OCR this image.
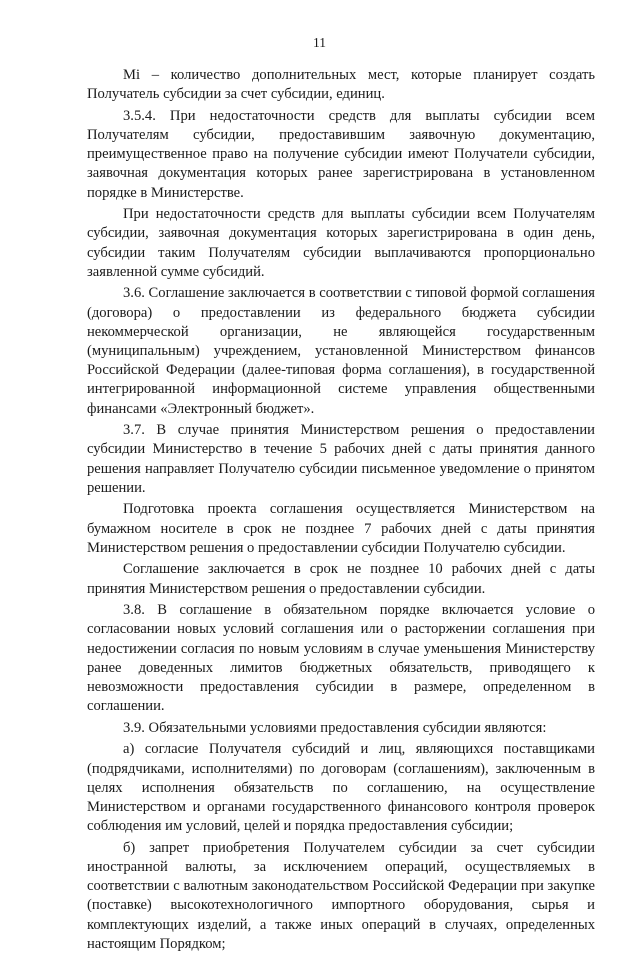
11

Mi – количество дополнительных мест, которые планирует создать Получатель субсидии за счет субсидии, единиц.

3.5.4. При недостаточности средств для выплаты субсидии всем Получателям субсидии, предоставившим заявочную документацию, преимущественное право на получение субсидии имеют Получатели субсидии, заявочная документация которых ранее зарегистрирована в установленном порядке в Министерстве.

При недостаточности средств для выплаты субсидии всем Получателям субсидии, заявочная документация которых зарегистрирована в один день, субсидии таким Получателям субсидии выплачиваются пропорционально заявленной сумме субсидий.

3.6. Соглашение заключается в соответствии с типовой формой соглашения (договора) о предоставлении из федерального бюджета субсидии некоммерческой организации, не являющейся государственным (муниципальным) учреждением, установленной Министерством финансов Российской Федерации (далее-типовая форма соглашения), в государственной интегрированной информационной системе управления общественными финансами «Электронный бюджет».

3.7. В случае принятия Министерством решения о предоставлении субсидии Министерство в течение 5 рабочих дней с даты принятия данного решения направляет Получателю субсидии письменное уведомление о принятом решении.

Подготовка проекта соглашения осуществляется Министерством на бумажном носителе в срок не позднее 7 рабочих дней с даты принятия Министерством решения о предоставлении субсидии Получателю субсидии.

Соглашение заключается в срок не позднее 10 рабочих дней с даты принятия Министерством решения о предоставлении субсидии.

3.8. В соглашение в обязательном порядке включается условие о согласовании новых условий соглашения или о расторжении соглашения при недостижении согласия по новым условиям в случае уменьшения Министерству ранее доведенных лимитов бюджетных обязательств, приводящего к невозможности предоставления субсидии в размере, определенном в соглашении.

3.9. Обязательными условиями предоставления субсидии являются:

а) согласие Получателя субсидий и лиц, являющихся поставщиками (подрядчиками, исполнителями) по договорам (соглашениям), заключенным в целях исполнения обязательств по соглашению, на осуществление Министерством и органами государственного финансового контроля проверок соблюдения им условий, целей и порядка предоставления субсидии;

б) запрет приобретения Получателем субсидии за счет субсидии иностранной валюты, за исключением операций, осуществляемых в соответствии с валютным законодательством Российской Федерации при закупке (поставке) высокотехнологичного импортного оборудования, сырья и комплектующих изделий, а также иных операций в случаях, определенных настоящим Порядком;
